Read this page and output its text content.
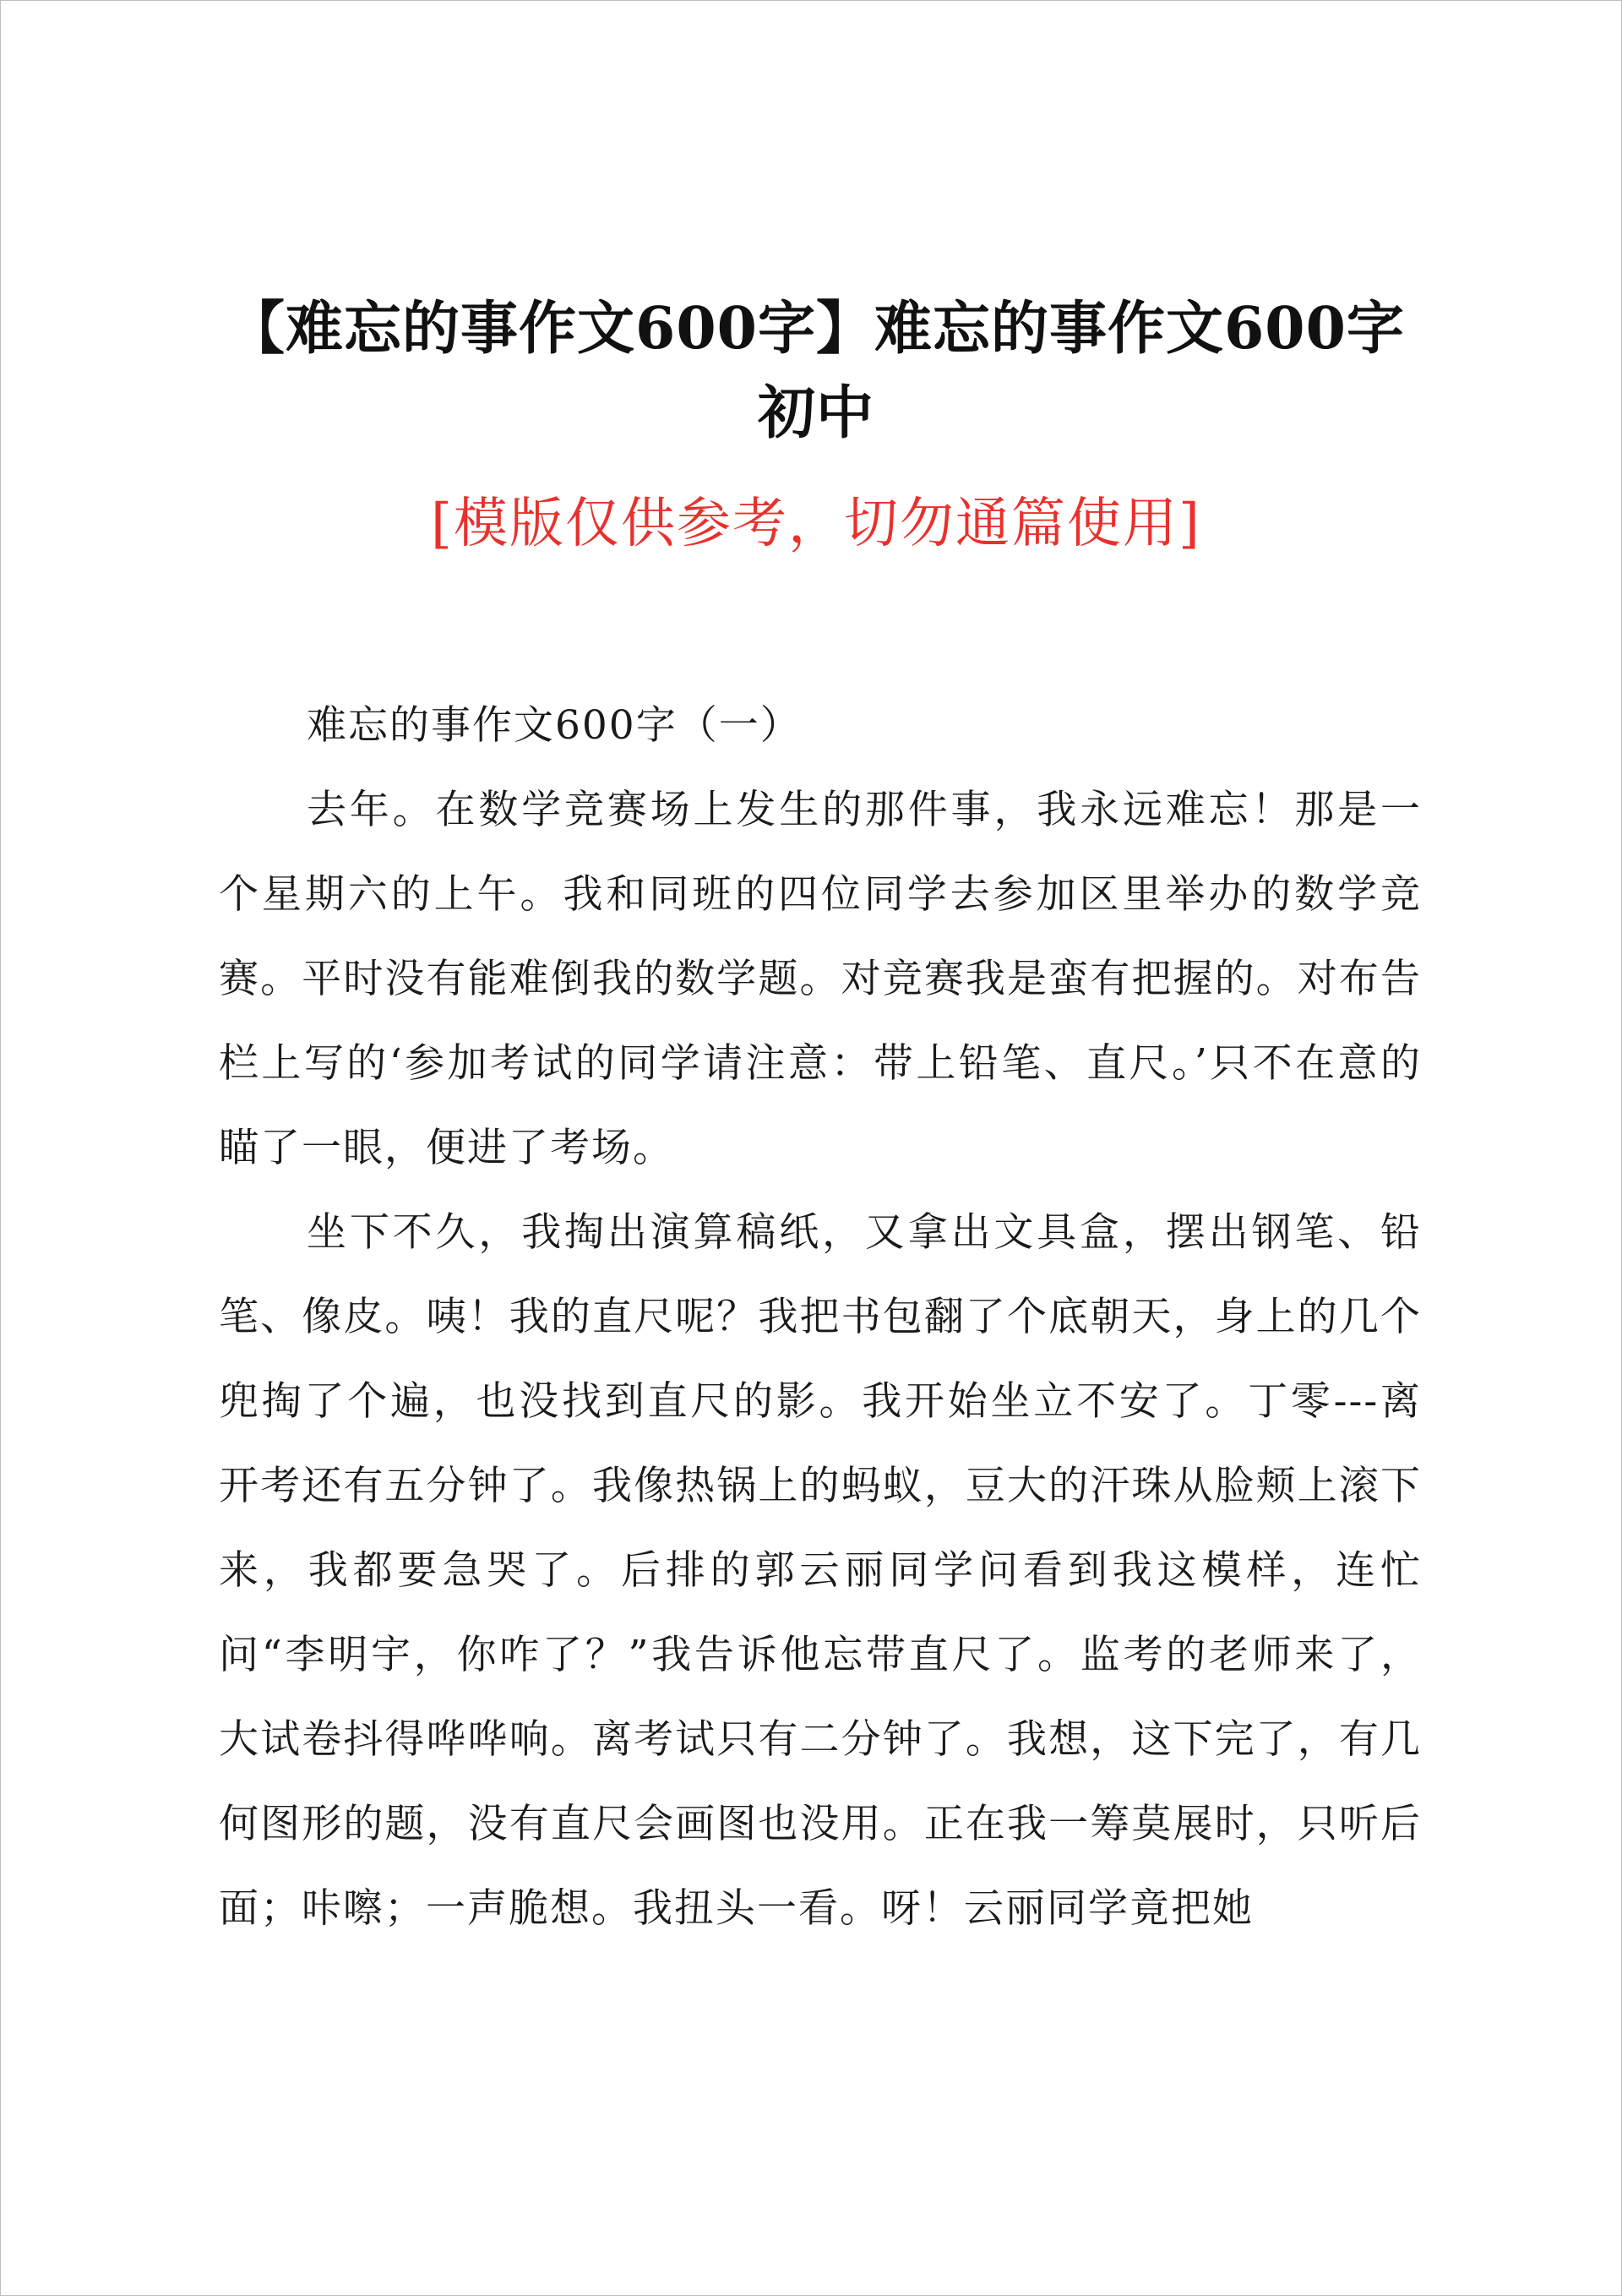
【难忘的事作文600字】难忘的事作文600字初中
[模版仅供参考，切勿通篇使用]

难忘的事作文600字（一）

去年。在数学竞赛场上发生的那件事，我永远难忘！那是一个星期六的上午。我和同班的四位同学去参加区里举办的数学竞赛。平时没有能难倒我的数学题。对竞赛我是蛮有把握的。对布告栏上写的‘参加考试的同学请注意：带上铅笔、直尺。’只不在意的瞄了一眼，便进了考场。

坐下不久，我掏出演算稿纸，又拿出文具盒，摆出钢笔、铅笔、像皮。咦！我的直尺呢？我把书包翻了个底朝天，身上的几个兜掏了个遍，也没找到直尺的影。我开始坐立不安了。丁零---离开考还有五分钟了。我像热锅上的蚂蚁，豆大的汗珠从脸颊上滚下来，我都要急哭了。后排的郭云丽同学问看到我这模样，连忙问“李明宇，你咋了？”我告诉他忘带直尺了。监考的老师来了，大试卷抖得哗哗响。离考试只有二分钟了。我想，这下完了，有几何图形的题，没有直尺会画图也没用。正在我一筹莫展时，只听后面；咔嚓；一声脆想。我扭头一看。呀！云丽同学竟把她
